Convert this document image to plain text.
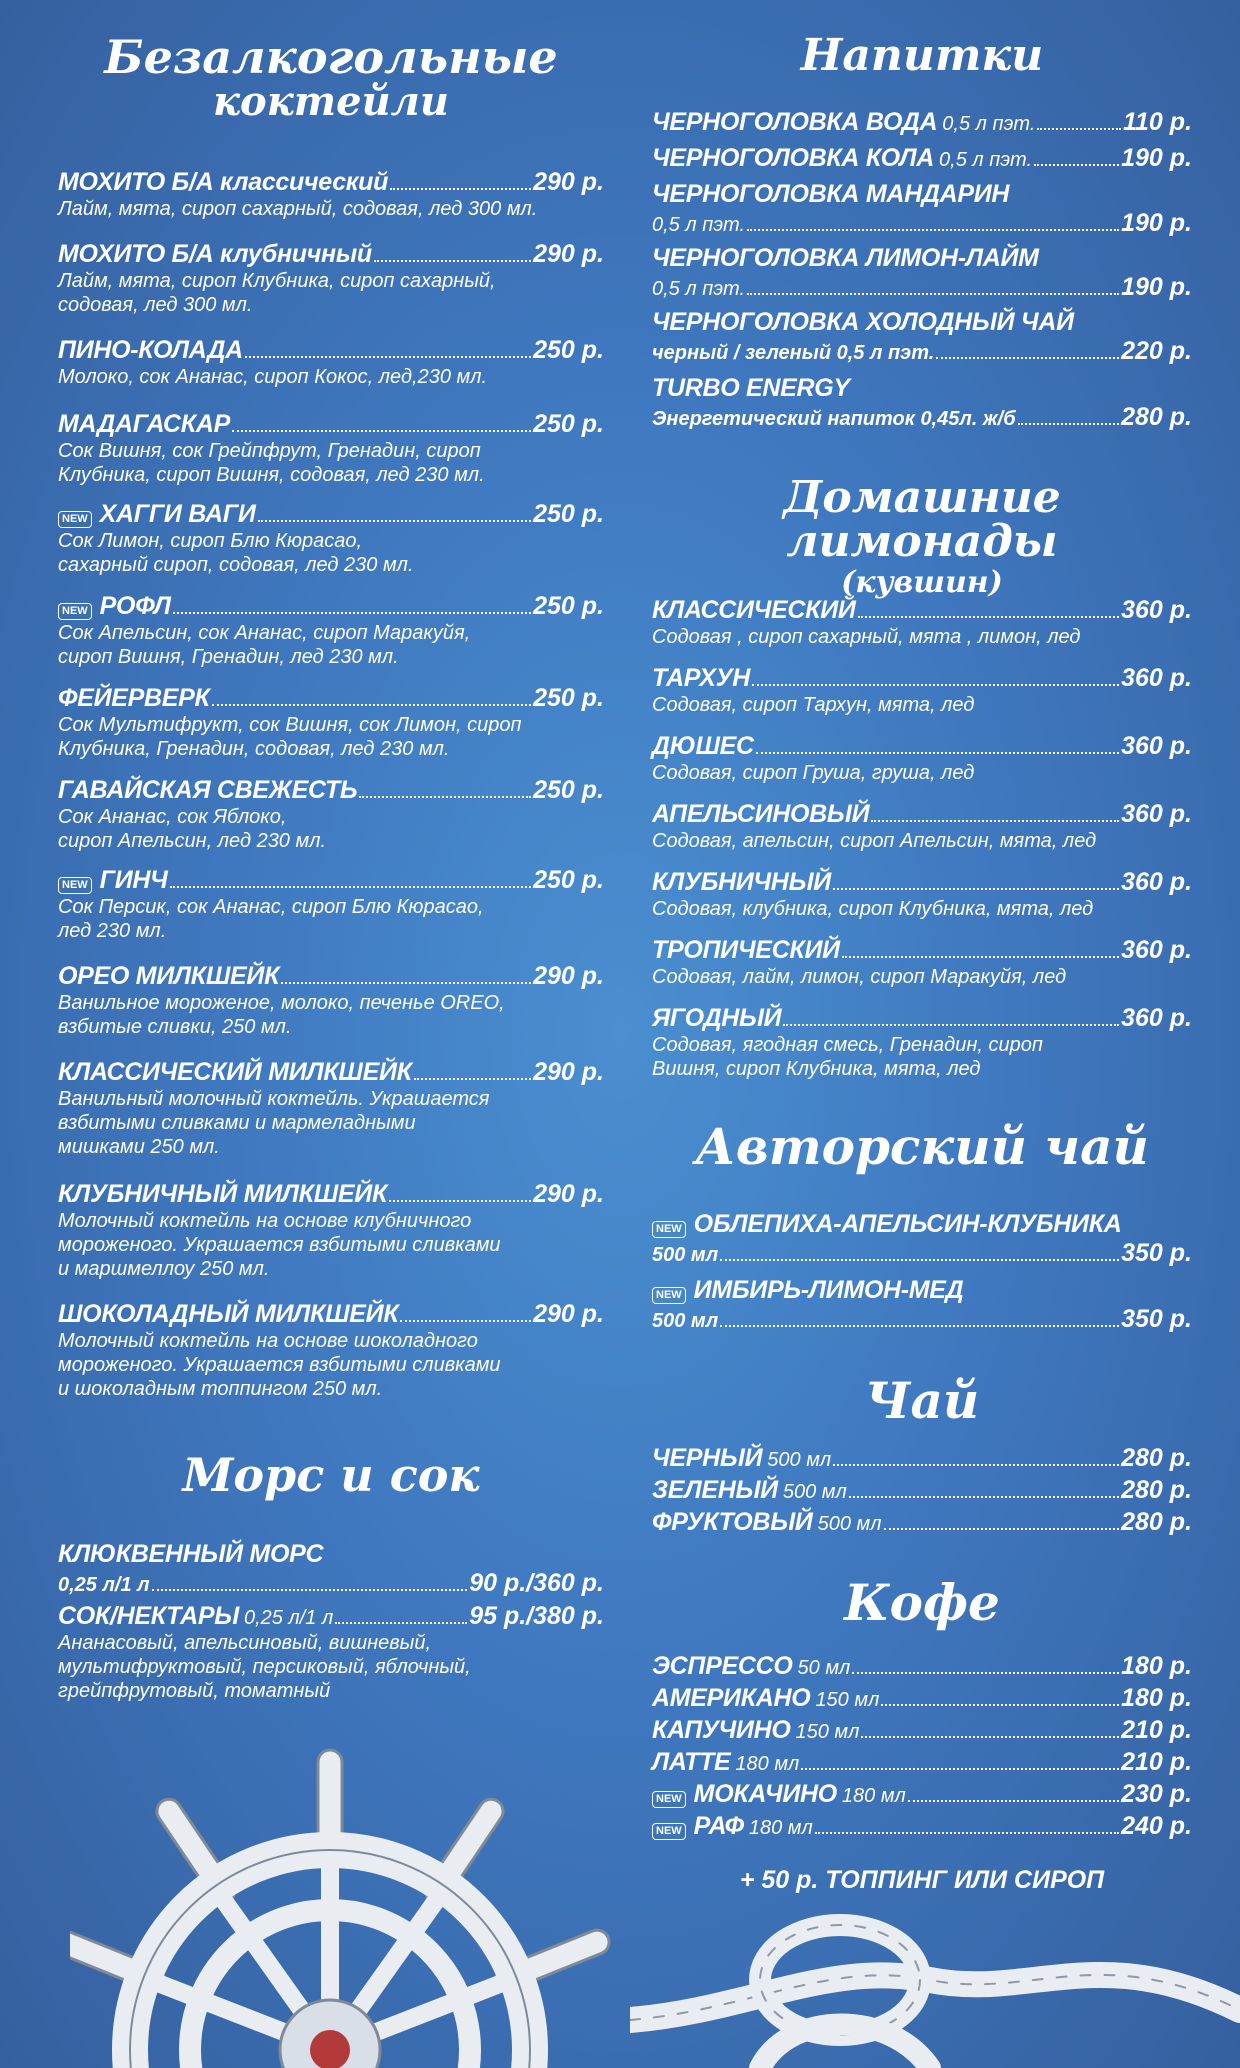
Безалкогольные
коктейли
МОХИТО Б/А классический	290 р.
Лайм, мята, сироп сахарный, содовая, лед 300 мл.
МОХИТО Б/А клубничный	290 р.
Лайм, мята, сироп Клубника, сироп сахарный,
содовая, лед 300 мл.
ПИНО-КОЛАДА	250 р.
Молоко, сок Ананас, сироп Кокос, лед,230 мл.
МАДАГАСКАР	250 р.
Сок Вишня, сок Грейпфрут, Гренадин, сироп
Клубника, сироп Вишня, содовая, лед 230 мл.
NEW ХАГГИ ВАГИ	250 р.
Сок Лимон, сироп Блю Кюрасао,
сахарный сироп, содовая, лед 230 мл.
NEW РОФЛ	250 р.
Сок Апельсин, сок Ананас, сироп Маракуйя,
сироп Вишня, Гренадин, лед 230 мл.
ФЕЙЕРВЕРК	250 р.
Сок Мультифрукт, сок Вишня, сок Лимон, сироп
Клубника, Гренадин, содовая, лед 230 мл.
ГАВАЙСКАЯ СВЕЖЕСТЬ	250 р.
Сок Ананас, сок Яблоко,
сироп Апельсин, лед 230 мл.
NEW ГИНЧ	250 р.
Сок Персик, сок Ананас, сироп Блю Кюрасао,
лед 230 мл.
ОРЕО МИЛКШЕЙК	290 р.
Ванильное мороженое, молоко, печенье OREO,
взбитые сливки, 250 мл.
КЛАССИЧЕСКИЙ МИЛКШЕЙК	290 р.
Ванильный молочный коктейль. Украшается
взбитыми сливками и мармеладными
мишками 250 мл.
КЛУБНИЧНЫЙ МИЛКШЕЙК	290 р.
Молочный коктейль на основе клубничного
мороженого. Украшается взбитыми сливками
и маршмеллоу 250 мл.
ШОКОЛАДНЫЙ МИЛКШЕЙК	290 р.
Молочный коктейль на основе шоколадного
мороженого. Украшается взбитыми сливками
и шоколадным топпингом 250 мл.
Морс и сок
КЛЮКВЕННЫЙ МОРС
0,25 л/1 л	90 р./360 р.
СОК/НЕКТАРЫ 0,25 л/1 л	95 р./380 р.
Ананасовый, апельсиновый, вишневый,
мультифруктовый, персиковый, яблочный,
грейпфрутовый, томатный
Напитки
ЧЕРНОГОЛОВКА ВОДА 0,5 л пэт.	110 р.
ЧЕРНОГОЛОВКА КОЛА 0,5 л пэт.	190 р.
ЧЕРНОГОЛОВКА МАНДАРИН
0,5 л пэт.	190 р.
ЧЕРНОГОЛОВКА ЛИМОН-ЛАЙМ
0,5 л пэт.	190 р.
ЧЕРНОГОЛОВКА ХОЛОДНЫЙ ЧАЙ
черный / зеленый 0,5 л пэт.	220 р.
TURBO ENERGY
Энергетический напиток 0,45л. ж/б	280 р.
Домашние лимонады
(кувшин)
КЛАССИЧЕСКИЙ	360 р.
Содовая , сироп сахарный, мята , лимон, лед
ТАРХУН	360 р.
Содовая, сироп Тархун, мята, лед
ДЮШЕС	360 р.
Содовая, сироп Груша, груша, лед
АПЕЛЬСИНОВЫЙ	360 р.
Содовая, апельсин, сироп Апельсин, мята, лед
КЛУБНИЧНЫЙ	360 р.
Содовая, клубника, сироп Клубника, мята, лед
ТРОПИЧЕСКИЙ	360 р.
Содовая, лайм, лимон, сироп Маракуйя, лед
ЯГОДНЫЙ	360 р.
Содовая, ягодная смесь, Гренадин, сироп
Вишня, сироп Клубника, мята, лед
Авторский чай
NEW ОБЛЕПИХА-АПЕЛЬСИН-КЛУБНИКА
500 мл	350 р.
NEW ИМБИРЬ-ЛИМОН-МЕД
500 мл	350 р.
Чай
ЧЕРНЫЙ 500 мл	280 р.
ЗЕЛЕНЫЙ 500 мл	280 р.
ФРУКТОВЫЙ 500 мл	280 р.
Кофе
ЭСПРЕССО 50 мл	180 р.
АМЕРИКАНО 150 мл	180 р.
КАПУЧИНО 150 мл	210 р.
ЛАТТЕ 180 мл	210 р.
NEW МОКАЧИНО 180 мл	230 р.
NEW РАФ 180 мл	240 р.
+ 50 р. ТОППИНГ ИЛИ СИРОП
